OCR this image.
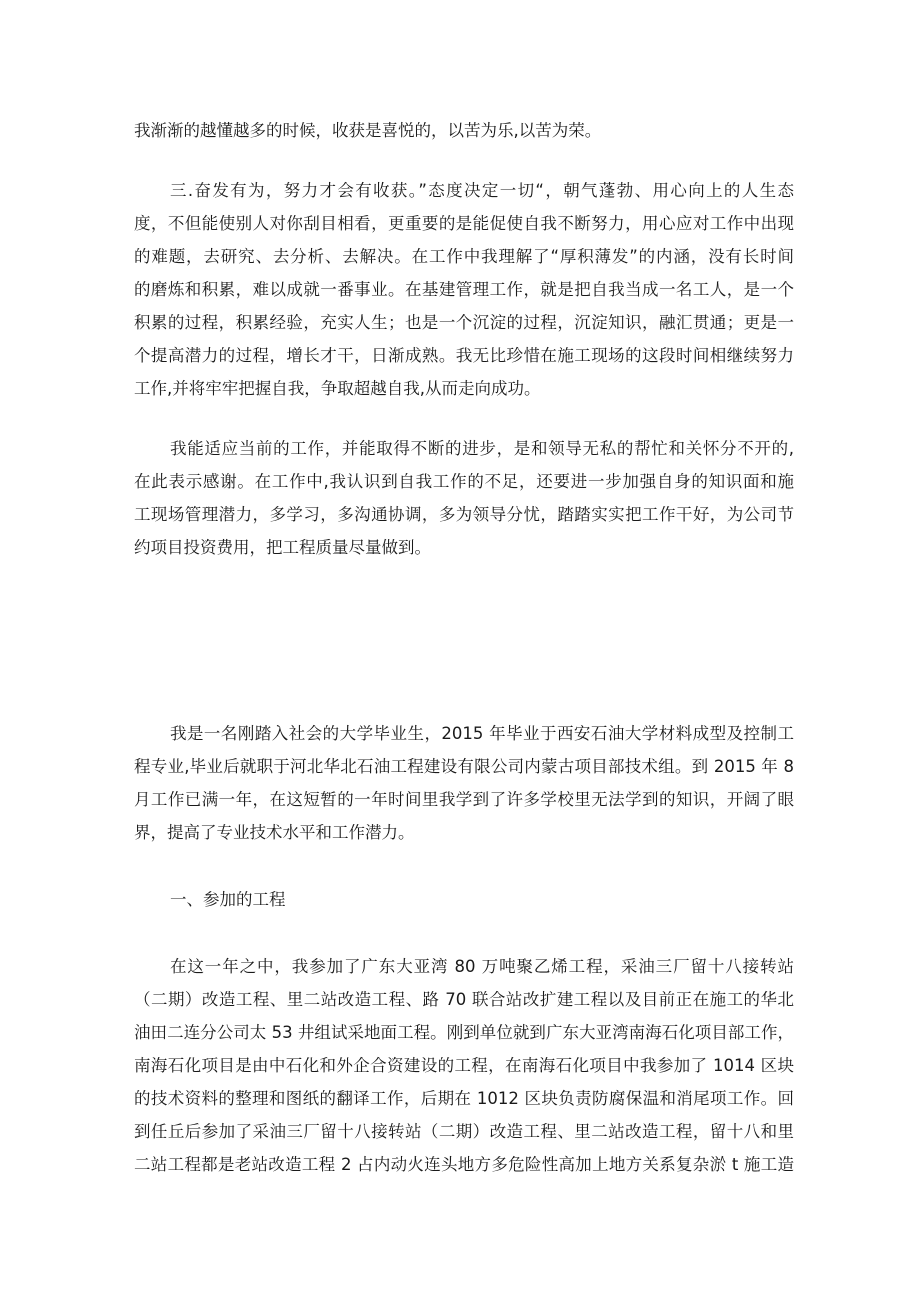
我渐渐的越懂越多的时候，收获是喜悦的，以苦为乐,以苦为荣。
三.奋发有为，努力才会有收获。”态度决定一切“，朝气蓬勃、用心向上的人生态
度，不但能使别人对你刮目相看，更重要的是能促使自我不断努力，用心应对工作中出现
的难题，去研究、去分析、去解决。在工作中我理解了“厚积薄发”的内涵，没有长时间
的磨炼和积累，难以成就一番事业。在基建管理工作，就是把自我当成一名工人，是一个
积累的过程，积累经验，充实人生；也是一个沉淀的过程，沉淀知识，融汇贯通；更是一
个提高潜力的过程，增长才干，日渐成熟。我无比珍惜在施工现场的这段时间相继续努力
工作,并将牢牢把握自我，争取超越自我,从而走向成功。
我能适应当前的工作，并能取得不断的进步，是和领导无私的帮忙和关怀分不开的,
在此表示感谢。在工作中,我认识到自我工作的不足，还要进一步加强自身的知识面和施
工现场管理潜力，多学习，多沟通协调，多为领导分忧，踏踏实实把工作干好，为公司节
约项目投资费用，把工程质量尽量做到。
我是一名刚踏入社会的大学毕业生，2015 年毕业于西安石油大学材料成型及控制工
程专业,毕业后就职于河北华北石油工程建设有限公司内蒙古项目部技术组。到 2015 年 8
月工作已满一年，在这短暂的一年时间里我学到了许多学校里无法学到的知识，开阔了眼
界，提高了专业技术水平和工作潜力。
一、参加的工程
在这一年之中，我参加了广东大亚湾 80 万吨聚乙烯工程，采油三厂留十八接转站
（二期）改造工程、里二站改造工程、路 70 联合站改扩建工程以及目前正在施工的华北
油田二连分公司太 53 井组试采地面工程。刚到单位就到广东大亚湾南海石化项目部工作，
南海石化项目是由中石化和外企合资建设的工程，在南海石化项目中我参加了 1014 区块
的技术资料的整理和图纸的翻译工作，后期在 1012 区块负责防腐保温和消尾项工作。回
到任丘后参加了采油三厂留十八接转站（二期）改造工程、里二站改造工程，留十八和里
二站工程都是老站改造工程 2 占内动火连头地方多危险性高加上地方关系复杂淤 t 施工造
